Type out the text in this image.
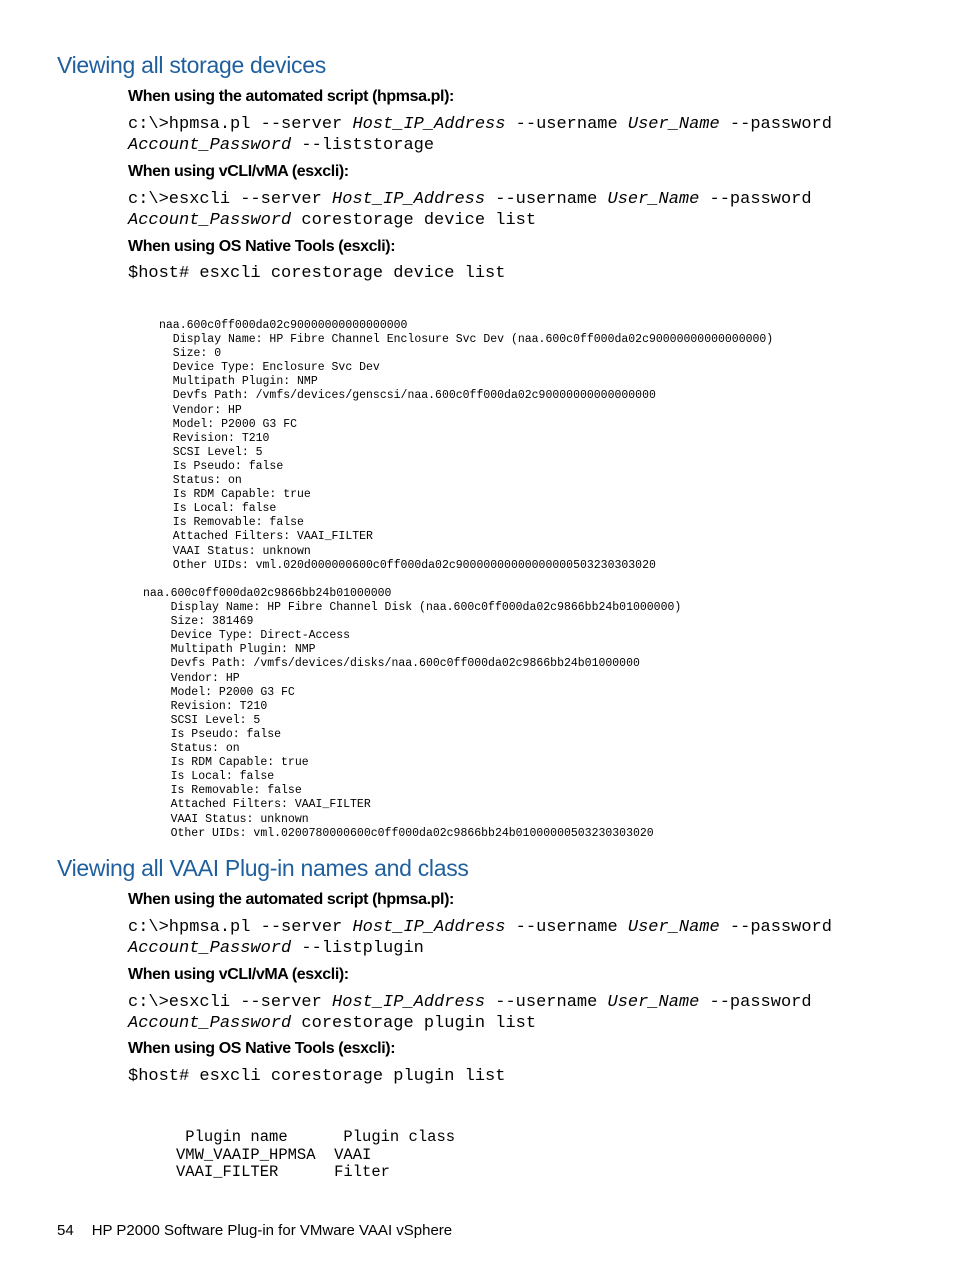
Viewing all storage devices

When using the automated script (hpmsa.pl):

c:\>hpmsa.pl --server Host_IP_Address --username User_Name --password
Account_Password --liststorage

When using vCLI/vMA (esxcli):

c:\>esxcli --server Host_IP_Address --username User_Name --password
Account_Password corestorage device list

When using OS Native Tools (esxcli):

$host# esxcli corestorage device list

naa.600c0ff000da02c90000000000000000
Display Name: HP Fibre Channel Enclosure Svc Dev (naa.600c0ff000da02c90000000000000000)
Size: 0
Device Type: Enclosure Svc Dev
Multipath Plugin: NMP
Devfs Path: /vmfs/devices/genscsi/naa.600c0ff000da02c90000000000000000
Vendor: HP
Model: P2000 G3 FC
Revision: T210
SCSI Level: 5
Is Pseudo: false
Status: on
Is RDM Capable: true
Is Local: false
Is Removable: false
Attached Filters: VAAI_FILTER
VAAI Status: unknown
Other UIDs: vml.020d000000600c0ff000da02c90000000000000000503230303020
naa.600c0ff000da02c9866bb24b01000000
Display Name: HP Fibre Channel Disk (naa.600c0ff000da02c9866bb24b01000000)
Size: 381469
Device Type: Direct-Access
Multipath Plugin: NMP
Devfs Path: /vmfs/devices/disks/naa.600c0ff000da02c9866bb24b01000000
Vendor: HP
Model: P2000 G3 FC
Revision: T210
SCSI Level: 5
Is Pseudo: false
Status: on
Is RDM Capable: true
Is Local: false
Is Removable: false
Attached Filters: VAAI_FILTER
VAAI Status: unknown
Other UIDs: vml.0200780000600c0ff000da02c9866bb24b01000000503230303020
Viewing all VAAI Plug-in names and class

When using the automated script (hpmsa.pl):

c:\>hpmsa.pl --server Host_IP_Address --username User_Name --password
Account_Password --listplugin

When using vCLI/vMA (esxcli):

c:\>esxcli --server Host_IP_Address --username User_Name --password
Account_Password corestorage plugin list

When using OS Native Tools (esxcli):

$host# esxcli corestorage plugin list

Plugin name      Plugin class
VMW_VAAIP_HPMSA  VAAI
VAAI_FILTER      Filter

54 HP P2000 Software Plug-in for VMware VAAI vSphere
